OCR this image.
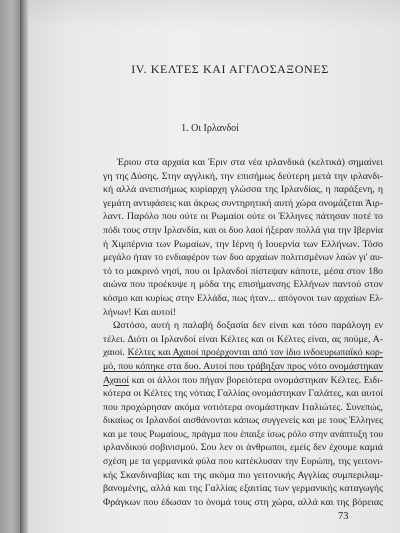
IV. ΚΕΛΤΕΣ ΚΑΙ ΑΓΓΛΟΣΑΞΟΝΕΣ
1. Οι Ιρλανδοί
Έριου στα αρχαία και Έριν στα νέα ιρλανδικά (κελτικά) σημαίνει
γη της Δύσης. Στην αγγλική, την επισήμως δεύτερη μετά την ιρλανδι-
κή αλλά ανεπισήμως κυρίαρχη γλώσσα της Ιρλανδίας, η παράξενη, η
γεμάτη αντιφάσεις και άκρως συντηρητική αυτή χώρα ονομάζεται Άιρ-
λαντ. Παρόλο που ούτε οι Ρωμαίοι ούτε οι Έλληνες πάτησαν ποτέ το
πόδι τους στην Ιρλανδία, και οι δυο λαοί ήξεραν πολλά για την Ιβερνία
ή Χιμπέρνια των Ρωμαίων, την Ιέρνη ή Ιουερνία των Ελλήνων. Τόσο
μεγάλο ήταν το ενδιαφέρον των δυο αρχαίων πολιτισμένων λαών γι' αυ-
τό το μακρινό νησί, που οι Ιρλανδοί πίστεψαν κάποτε, μέσα στον 18ο
αιώνα που προέκυψε η μόδα της επισήμανσης Ελλήνων παντού στον
κόσμο και κυρίως στην Ελλάδα, πως ήταν... απόγονοι των αρχαίων Ελ-
λήνων! Και αυτοί!
Ωστόσο, αυτή η παλαβή δοξασία δεν είναι και τόσο παράλογη εν
τέλει. Διότι οι Ιρλανδοί είναι Κέλτες και οι Κέλτες είναι, ας πούμε, Α-
χαιοί. Κέλτες και Αχαιοί προέρχονται από τον ίδιο ινδοευρωπαϊκό κορ-
μό, που κόπηκε στα δυο. Αυτοί που τράβηξαν προς νότο ονομάστηκαν
Αχαιοί και οι άλλοι που πήγαν βορειότερα ονομάστηκαν Κέλτες. Ειδι-
κότερα οι Κέλτες της νότιας Γαλλίας ονομάστηκαν Γαλάτες, και αυτοί
που προχώρησαν ακόμα νοτιότερα ονομάστηκαν Ιταλιώτες. Συνεπώς,
δικαίως οι Ιρλανδοί αισθάνονται κάπως συγγενείς και με τους Έλληνες
και με τους Ρωμαίους, πράγμα που έπαιξε ίσως ρόλο στην ανάπτυξη του
ιρλανδικού σοβινισμού. Σου λεν οι άνθρωποι, εμείς δεν έχουμε καμιά
σχέση με τα γερμανικά φύλα που κατέκλυσαν την Ευρώπη, της γειτονι-
κής Σκανδιναβίας και της ακόμα πιο γειτονικής Αγγλίας συμπεριλαμ-
βανομένης, αλλά και της Γαλλίας εξαιτίας των γερμανικής καταγωγής
Φράγκων που έδωσαν το όνομά τους στη χώρα, αλλά και της βόρειας
73
